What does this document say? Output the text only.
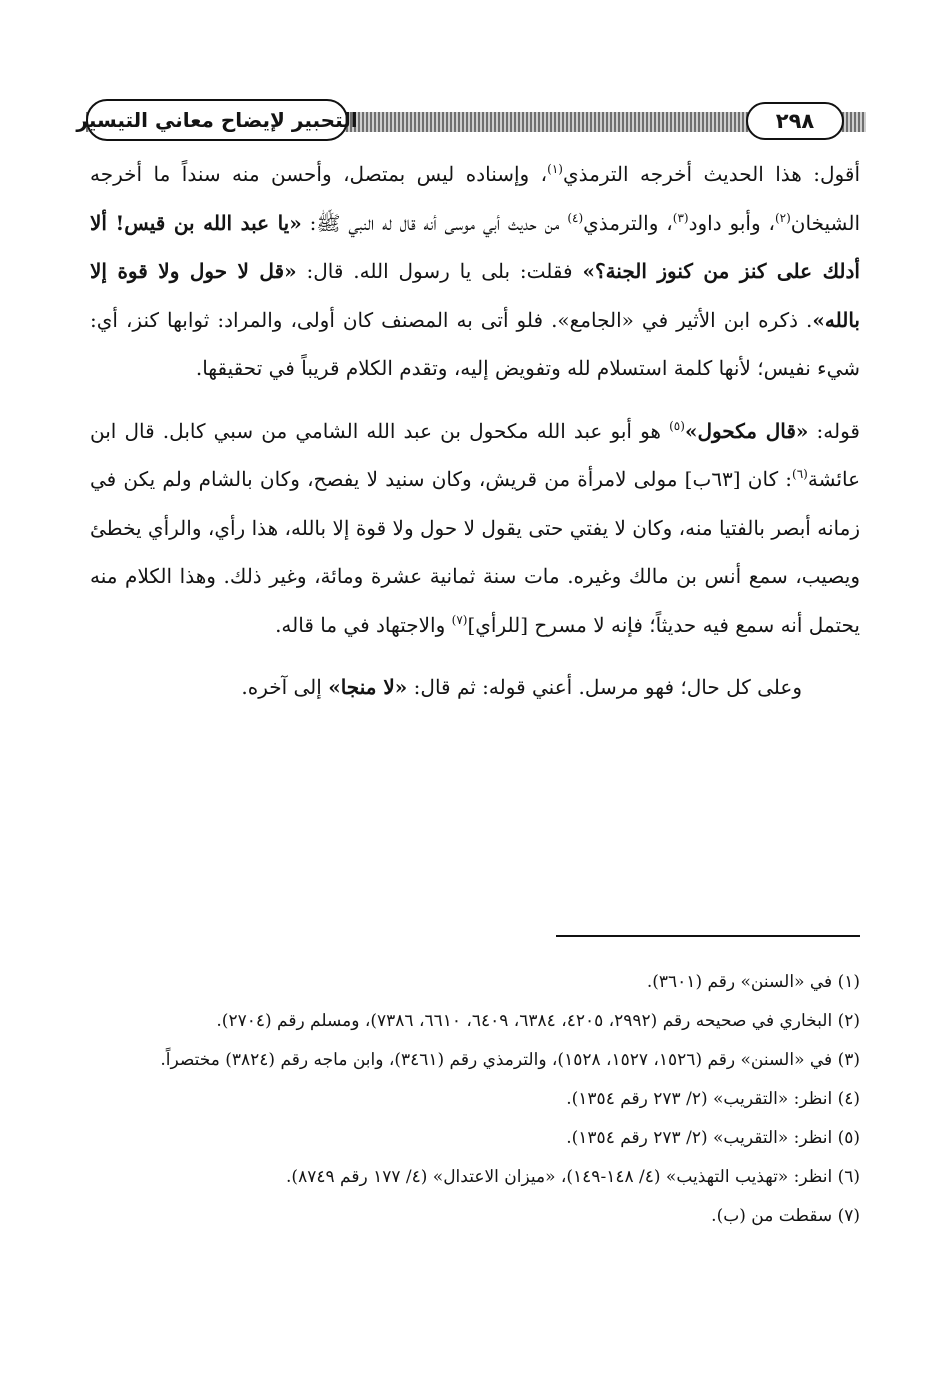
التحبير لإيضاح معاني التيسير	٢٩٨

أقول: هذا الحديث أخرجه الترمذي$^{(١)}$، وإسناده ليس بمتصل، وأحسن منه سنداً ما أخرجه الشيخان$^{(٢)}$، وأبو داود$^{(٣)}$، والترمذي$^{(٤)}$ من حديث أبي موسى أنه قال له النبي ﷺ: «يا عبد الله بن قيس! ألا أدلك على كنز من كنوز الجنة؟» فقلت: بلى يا رسول الله. قال: «قل لا حول ولا قوة إلا بالله». ذكره ابن الأثير في «الجامع». فلو أتى به المصنف كان أولى، والمراد: ثوابها كنز، أي: شيء نفيس؛ لأنها كلمة استسلام لله وتفويض إليه، وتقدم الكلام قريباً في تحقيقها.

قوله: «قال مكحول»$^{(٥)}$ هو أبو عبد الله مكحول بن عبد الله الشامي من سبي كابل. قال ابن عائشة$^{(٦)}$: كان [٦٣ب] مولى لامرأة من قريش، وكان سنيد لا يفصح، وكان بالشام ولم يكن في زمانه أبصر بالفتيا منه، وكان لا يفتي حتى يقول لا حول ولا قوة إلا بالله، هذا رأي، والرأي يخطئ ويصيب، سمع أنس بن مالك وغيره. مات سنة ثمانية عشرة ومائة، وغير ذلك. وهذا الكلام منه يحتمل أنه سمع فيه حديثاً؛ فإنه لا مسرح [للرأي]$^{(٧)}$ والاجتهاد في ما قاله.

وعلى كل حال؛ فهو مرسل. أعني قوله: ثم قال: «لا منجا» إلى آخره.

(١) في «السنن» رقم (٣٦٠١).

(٢) البخاري في صحيحه رقم (٢٩٩٢، ٤٢٠٥، ٦٣٨٤، ٦٤٠٩، ٦٦١٠، ٧٣٨٦)، ومسلم رقم (٢٧٠٤).

(٣) في «السنن» رقم (١٥٢٦، ١٥٢٧، ١٥٢٨)، والترمذي رقم (٣٤٦١)، وابن ماجه رقم (٣٨٢٤) مختصراً.

(٤) انظر: «التقريب» (٢/ ٢٧٣ رقم ١٣٥٤).

(٥) انظر: «التقريب» (٢/ ٢٧٣ رقم ١٣٥٤).

(٦) انظر: «تهذيب التهذيب» (٤/ ١٤٨-١٤٩)، «ميزان الاعتدال» (٤/ ١٧٧ رقم ٨٧٤٩).

(٧) سقطت من (ب).
